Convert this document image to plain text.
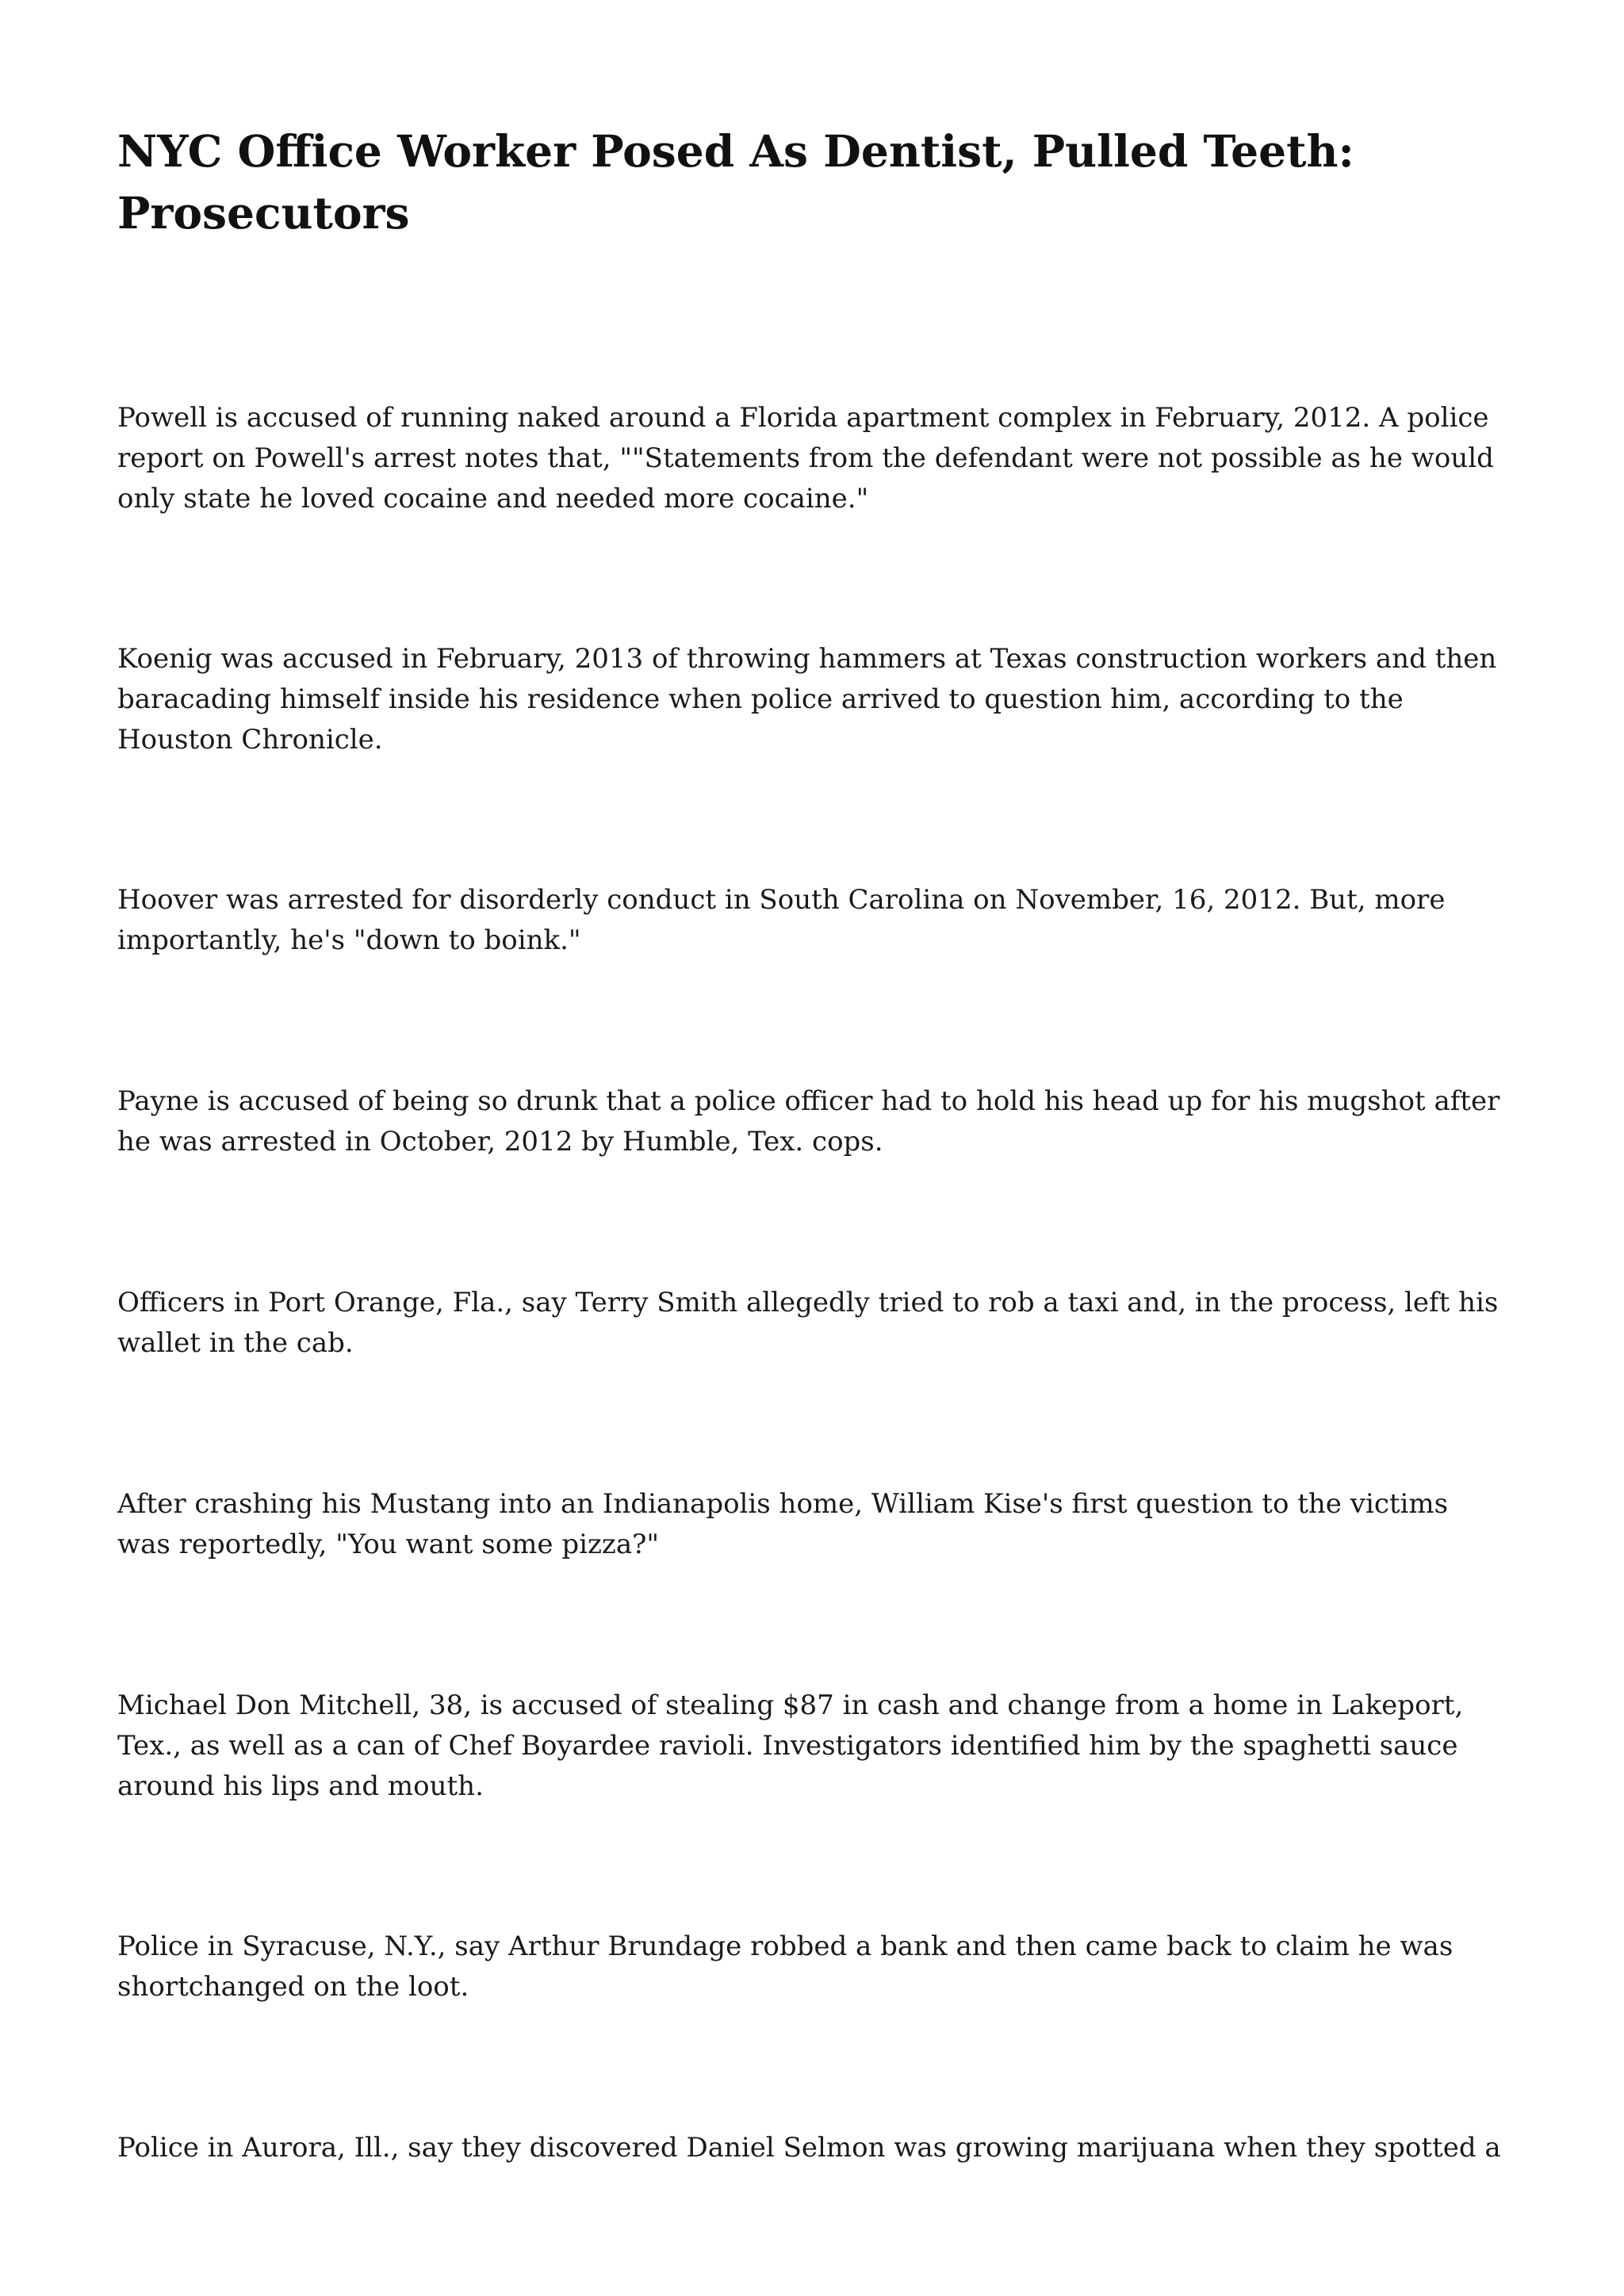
NYC Office Worker Posed As Dentist, Pulled Teeth: Prosecutors

Powell is accused of running naked around a Florida apartment complex in February, 2012. A police
report on Powell's arrest notes that, ""Statements from the defendant were not possible as he would
only state he loved cocaine and needed more cocaine."

Koenig was accused in February, 2013 of throwing hammers at Texas construction workers and then
baracading himself inside his residence when police arrived to question him, according to the
Houston Chronicle.

Hoover was arrested for disorderly conduct in South Carolina on November, 16, 2012. But, more
importantly, he's "down to boink."

Payne is accused of being so drunk that a police officer had to hold his head up for his mugshot after
he was arrested in October, 2012 by Humble, Tex. cops.

Officers in Port Orange, Fla., say Terry Smith allegedly tried to rob a taxi and, in the process, left his
wallet in the cab.

After crashing his Mustang into an Indianapolis home, William Kise's first question to the victims
was reportedly, "You want some pizza?"

Michael Don Mitchell, 38, is accused of stealing $87 in cash and change from a home in Lakeport,
Tex., as well as a can of Chef Boyardee ravioli. Investigators identified him by the spaghetti sauce
around his lips and mouth.

Police in Syracuse, N.Y., say Arthur Brundage robbed a bank and then came back to claim he was
shortchanged on the loot.

Police in Aurora, Ill., say they discovered Daniel Selmon was growing marijuana when they spotted a
